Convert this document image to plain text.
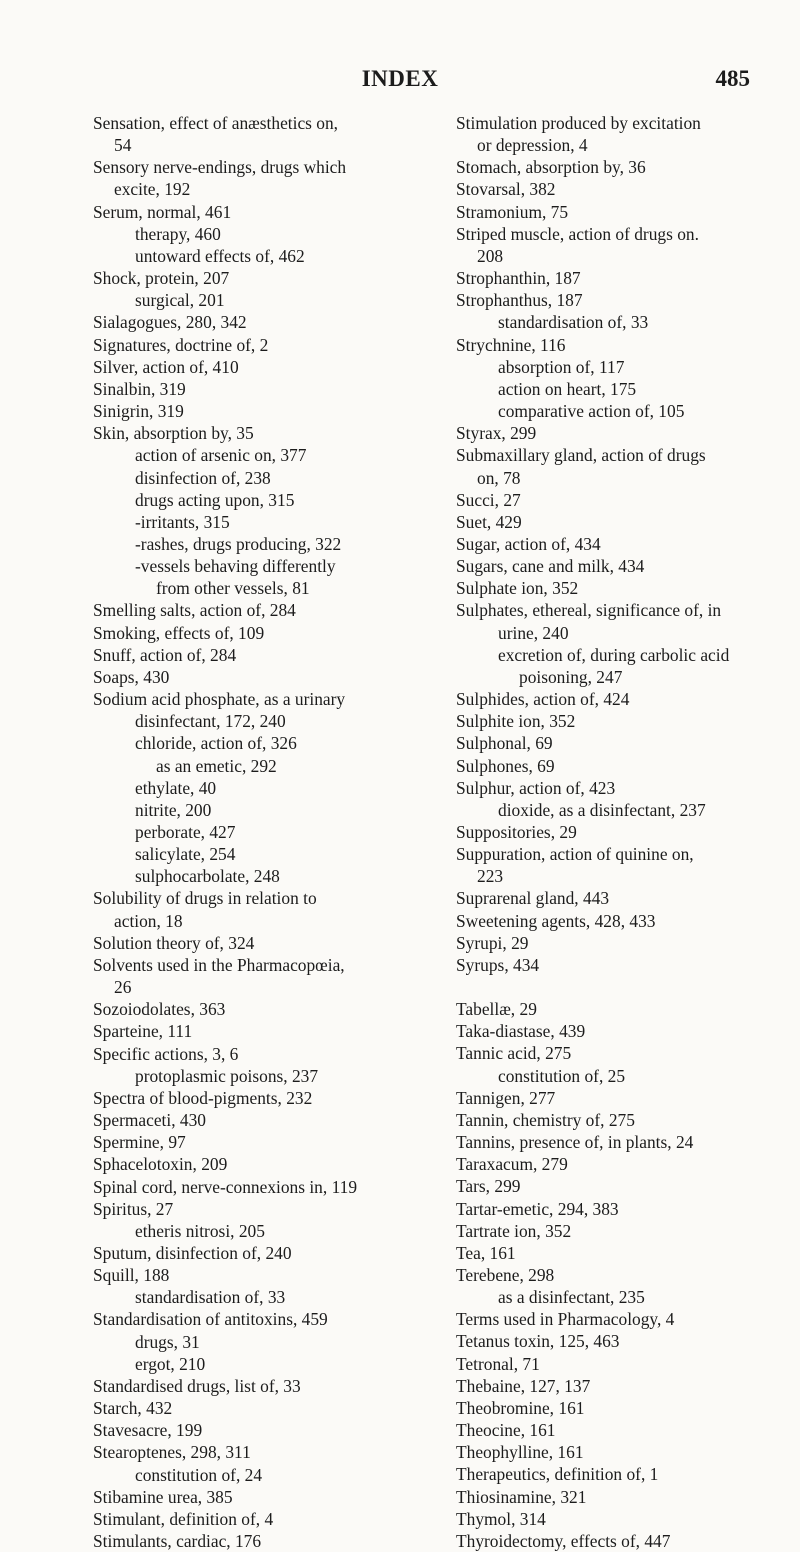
INDEX	485
Sensation, effect of anæsthetics on,
54
Sensory nerve-endings, drugs which
excite, 192
Serum, normal, 461
therapy, 460
untoward effects of, 462
Shock, protein, 207
surgical, 201
Sialagogues, 280, 342
Signatures, doctrine of, 2
Silver, action of, 410
Sinalbin, 319
Sinigrin, 319
Skin, absorption by, 35
action of arsenic on, 377
disinfection of, 238
drugs acting upon, 315
-irritants, 315
-rashes, drugs producing, 322
-vessels behaving differently
from other vessels, 81
Smelling salts, action of, 284
Smoking, effects of, 109
Snuff, action of, 284
Soaps, 430
Sodium acid phosphate, as a urinary
disinfectant, 172, 240
chloride, action of, 326
as an emetic, 292
ethylate, 40
nitrite, 200
perborate, 427
salicylate, 254
sulphocarbolate, 248
Solubility of drugs in relation to
action, 18
Solution theory of, 324
Solvents used in the Pharmacopœia,
26
Sozoiodolates, 363
Sparteine, 111
Specific actions, 3, 6
protoplasmic poisons, 237
Spectra of blood-pigments, 232
Spermaceti, 430
Spermine, 97
Sphacelotoxin, 209
Spinal cord, nerve-connexions in, 119
Spiritus, 27
etheris nitrosi, 205
Sputum, disinfection of, 240
Squill, 188
standardisation of, 33
Standardisation of antitoxins, 459
drugs, 31
ergot, 210
Standardised drugs, list of, 33
Starch, 432
Stavesacre, 199
Stearoptenes, 298, 311
constitution of, 24
Stibamine urea, 385
Stimulant, definition of, 4
Stimulants, cardiac, 176
Stimulation produced by excitation
or depression, 4
Stomach, absorption by, 36
Stovarsal, 382
Stramonium, 75
Striped muscle, action of drugs on.
208
Strophanthin, 187
Strophanthus, 187
standardisation of, 33
Strychnine, 116
absorption of, 117
action on heart, 175
comparative action of, 105
Styrax, 299
Submaxillary gland, action of drugs
on, 78
Succi, 27
Suet, 429
Sugar, action of, 434
Sugars, cane and milk, 434
Sulphate ion, 352
Sulphates, ethereal, significance of, in
urine, 240
excretion of, during carbolic acid
poisoning, 247
Sulphides, action of, 424
Sulphite ion, 352
Sulphonal, 69
Sulphones, 69
Sulphur, action of, 423
dioxide, as a disinfectant, 237
Suppositories, 29
Suppuration, action of quinine on,
223
Suprarenal gland, 443
Sweetening agents, 428, 433
Syrupi, 29
Syrups, 434
Tabellæ, 29
Taka-diastase, 439
Tannic acid, 275
constitution of, 25
Tannigen, 277
Tannin, chemistry of, 275
Tannins, presence of, in plants, 24
Taraxacum, 279
Tars, 299
Tartar-emetic, 294, 383
Tartrate ion, 352
Tea, 161
Terebene, 298
as a disinfectant, 235
Terms used in Pharmacology, 4
Tetanus toxin, 125, 463
Tetronal, 71
Thebaine, 127, 137
Theobromine, 161
Theocine, 161
Theophylline, 161
Therapeutics, definition of, 1
Thiosinamine, 321
Thymol, 314
Thyroidectomy, effects of, 447
